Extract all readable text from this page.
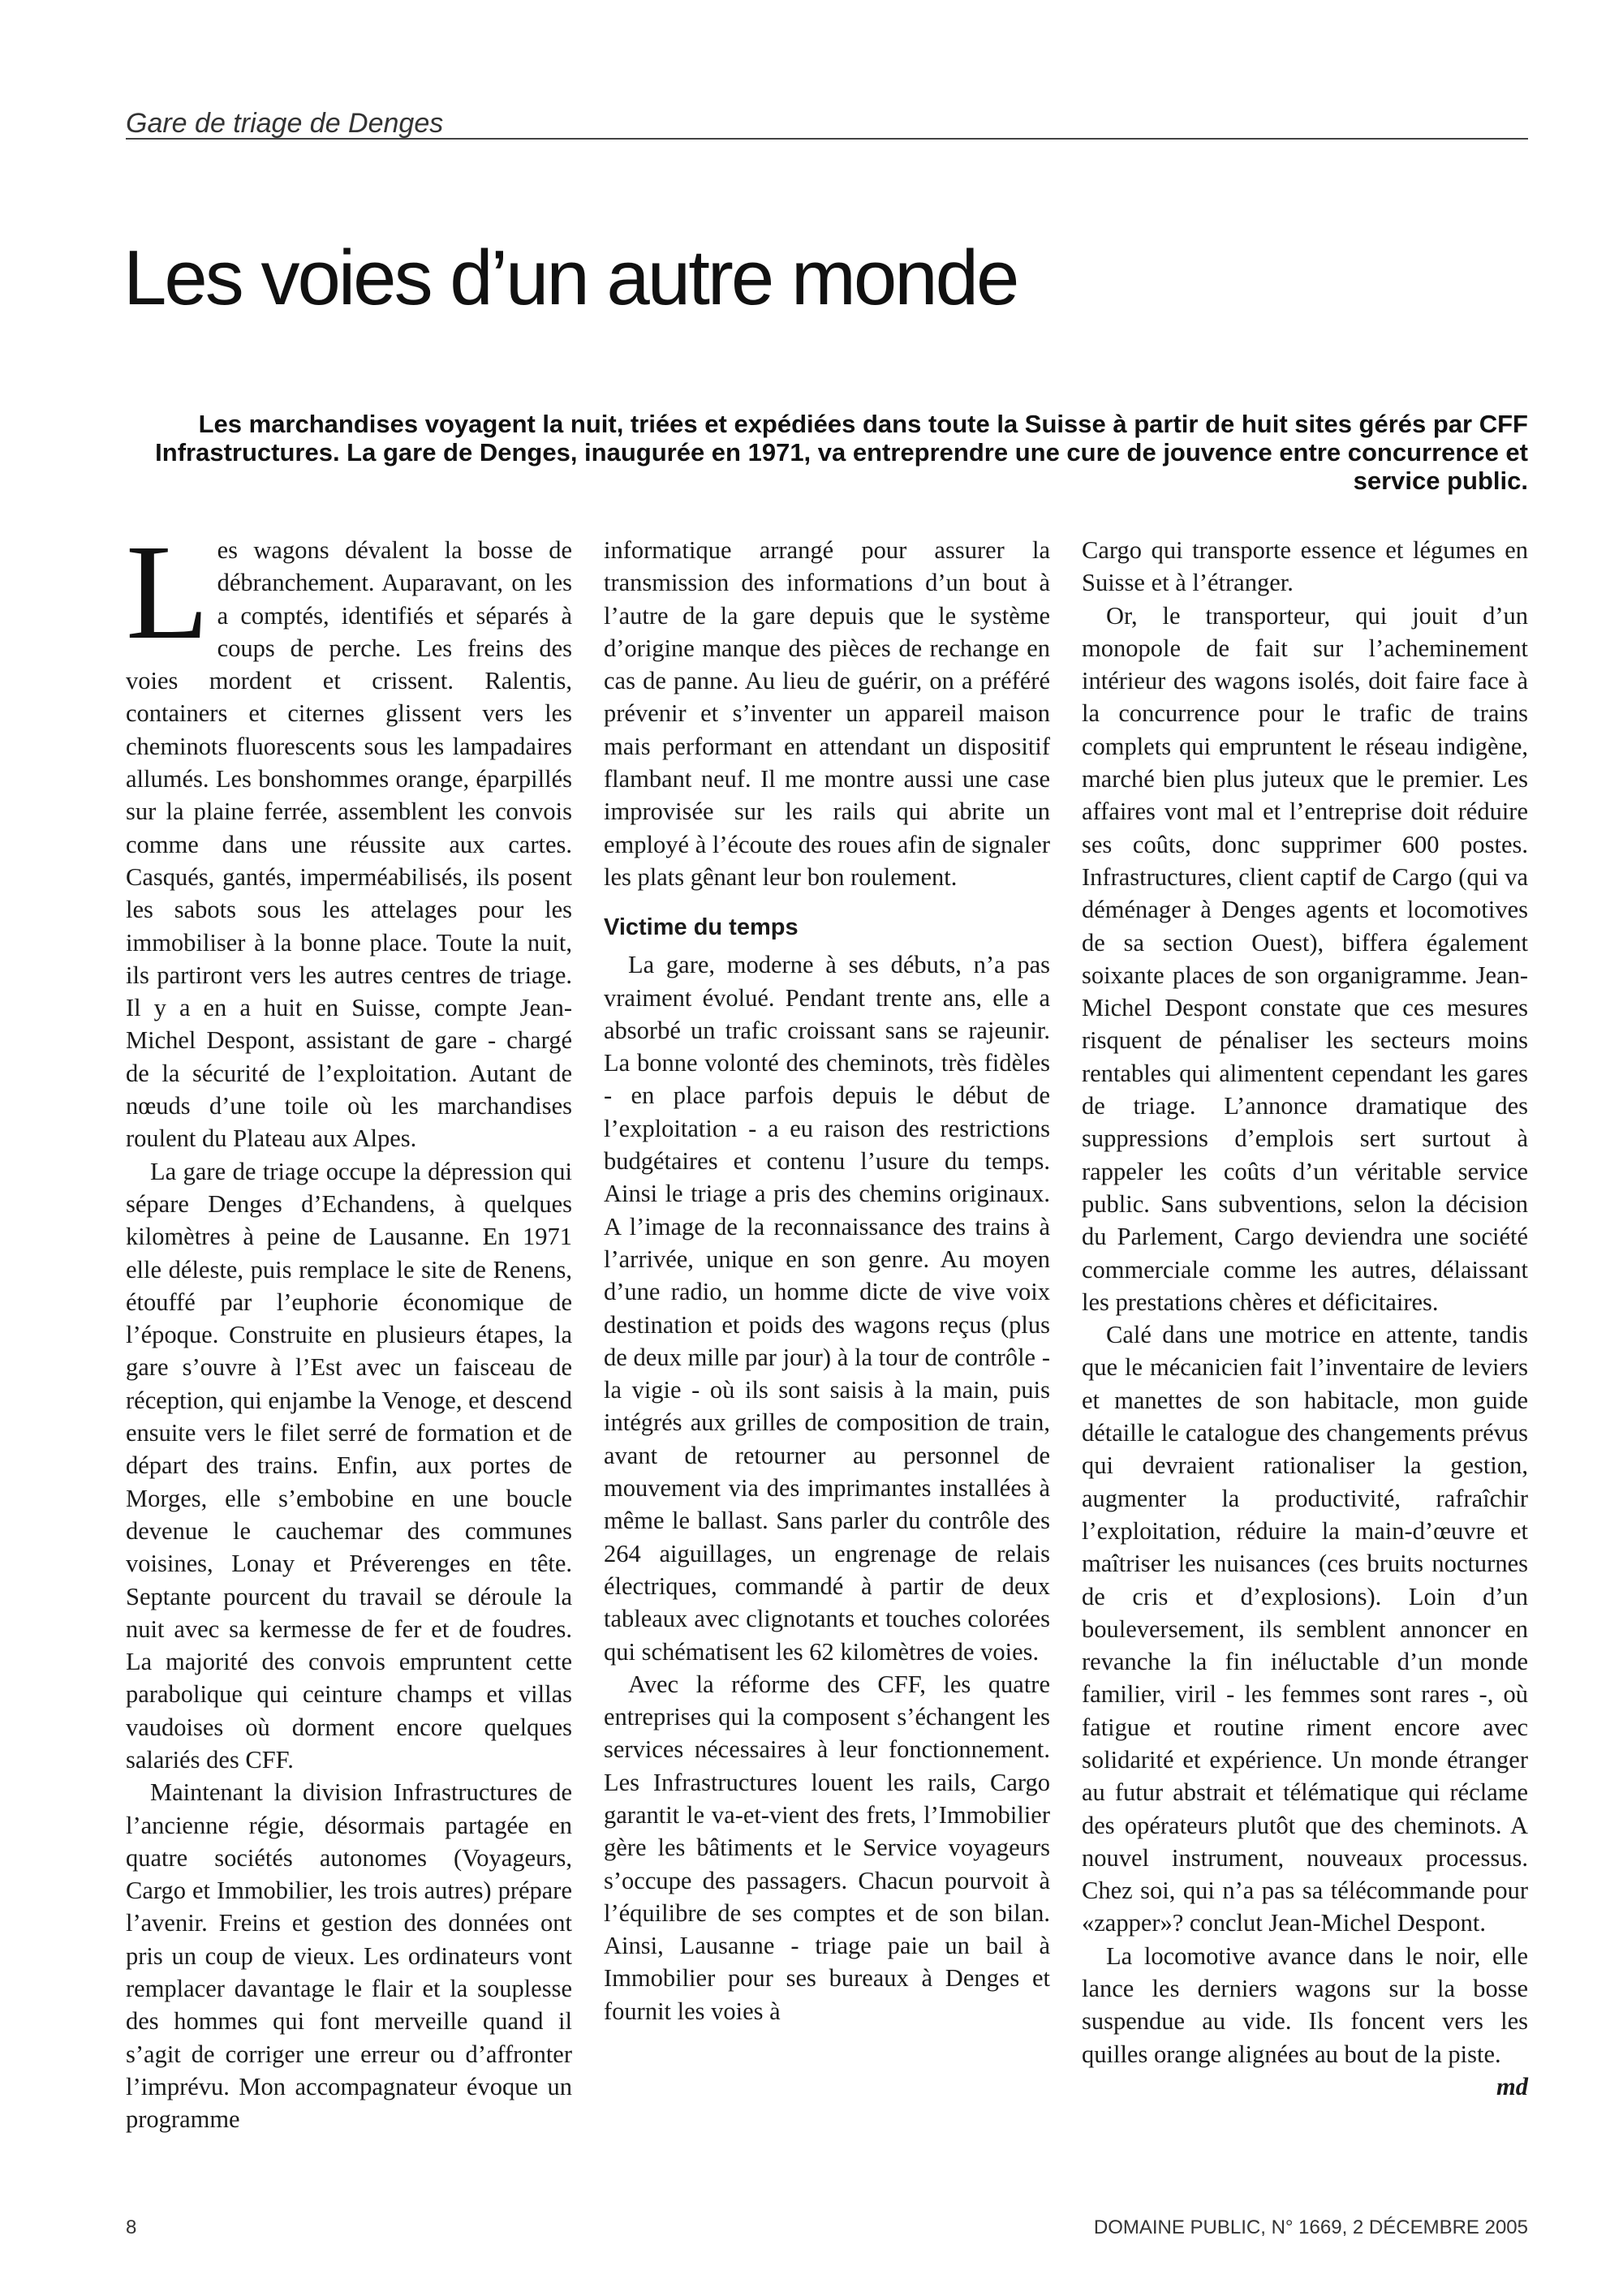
Gare de triage de Denges
Les voies d’un autre monde
Les marchandises voyagent la nuit, triées et expédiées dans toute la Suisse à partir de huit sites gérés par CFF Infrastructures. La gare de Denges, inaugurée en 1971, va entreprendre une cure de jouvence entre concurrence et service public.

Les wagons dévalent la bosse de débranchement. Auparavant, on les a comptés, identifiés et séparés à coups de perche. Les freins des voies mordent et crissent. Ralentis, containers et citernes glissent vers les cheminots fluorescents sous les lampadaires allumés. Les bonshommes orange, éparpillés sur la plaine ferrée, assemblent les convois comme dans une réussite aux cartes. Casqués, gantés, imperméabilisés, ils posent les sabots sous les attelages pour les immobiliser à la bonne place. Toute la nuit, ils partiront vers les autres centres de triage. Il y a en a huit en Suisse, compte Jean-Michel Despont, assistant de gare - chargé de la sécurité de l’exploitation. Autant de nœuds d’une toile où les marchandises roulent du Plateau aux Alpes.

La gare de triage occupe la dépression qui sépare Denges d’Echandens, à quelques kilomètres à peine de Lausanne. En 1971 elle déleste, puis remplace le site de Renens, étouffé par l’euphorie économique de l’époque. Construite en plusieurs étapes, la gare s’ouvre à l’Est avec un faisceau de réception, qui enjambe la Venoge, et descend ensuite vers le filet serré de formation et de départ des trains. Enfin, aux portes de Morges, elle s’embobine en une boucle devenue le cauchemar des communes voisines, Lonay et Préverenges en tête. Septante pourcent du travail se déroule la nuit avec sa kermesse de fer et de foudres. La majorité des convois empruntent cette parabolique qui ceinture champs et villas vaudoises où dorment encore quelques salariés des CFF.

Maintenant la division Infrastructures de l’ancienne régie, désormais partagée en quatre sociétés autonomes (Voyageurs, Cargo et Immobilier, les trois autres) prépare l’avenir. Freins et gestion des données ont pris un coup de vieux. Les ordinateurs vont remplacer davantage le flair et la souplesse des hommes qui font merveille quand il s’agit de corriger une erreur ou d’affronter l’imprévu. Mon accompagnateur évoque un programme

informatique arrangé pour assurer la transmission des informations d’un bout à l’autre de la gare depuis que le système d’origine manque des pièces de rechange en cas de panne. Au lieu de guérir, on a préféré prévenir et s’inventer un appareil maison mais performant en attendant un dispositif flambant neuf. Il me montre aussi une case improvisée sur les rails qui abrite un employé à l’écoute des roues afin de signaler les plats gênant leur bon roulement.

Victime du temps

La gare, moderne à ses débuts, n’a pas vraiment évolué. Pendant trente ans, elle a absorbé un trafic croissant sans se rajeunir. La bonne volonté des cheminots, très fidèles - en place parfois depuis le début de l’exploitation - a eu raison des restrictions budgétaires et contenu l’usure du temps. Ainsi le triage a pris des chemins originaux. A l’image de la reconnaissance des trains à l’arrivée, unique en son genre. Au moyen d’une radio, un homme dicte de vive voix destination et poids des wagons reçus (plus de deux mille par jour) à la tour de contrôle - la vigie - où ils sont saisis à la main, puis intégrés aux grilles de composition de train, avant de retourner au personnel de mouvement via des imprimantes installées à même le ballast. Sans parler du contrôle des 264 aiguillages, un engrenage de relais électriques, commandé à partir de deux tableaux avec clignotants et touches colorées qui schématisent les 62 kilomètres de voies.

Avec la réforme des CFF, les quatre entreprises qui la composent s’échangent les services nécessaires à leur fonctionnement. Les Infrastructures louent les rails, Cargo garantit le va-et-vient des frets, l’Immobilier gère les bâtiments et le Service voyageurs s’occupe des passagers. Chacun pourvoit à l’équilibre de ses comptes et de son bilan. Ainsi, Lausanne - triage paie un bail à Immobilier pour ses bureaux à Denges et fournit les voies à

Cargo qui transporte essence et légumes en Suisse et à l’étranger.

Or, le transporteur, qui jouit d’un monopole de fait sur l’acheminement intérieur des wagons isolés, doit faire face à la concurrence pour le trafic de trains complets qui empruntent le réseau indigène, marché bien plus juteux que le premier. Les affaires vont mal et l’entreprise doit réduire ses coûts, donc supprimer 600 postes. Infrastructures, client captif de Cargo (qui va déménager à Denges agents et locomotives de sa section Ouest), biffera également soixante places de son organigramme. Jean-Michel Despont constate que ces mesures risquent de pénaliser les secteurs moins rentables qui alimentent cependant les gares de triage. L’annonce dramatique des suppressions d’emplois sert surtout à rappeler les coûts d’un véritable service public. Sans subventions, selon la décision du Parlement, Cargo deviendra une société commerciale comme les autres, délaissant les prestations chères et déficitaires.

Calé dans une motrice en attente, tandis que le mécanicien fait l’inventaire de leviers et manettes de son habitacle, mon guide détaille le catalogue des changements prévus qui devraient rationaliser la gestion, augmenter la productivité, rafraîchir l’exploitation, réduire la main-d’œuvre et maîtriser les nuisances (ces bruits nocturnes de cris et d’explosions). Loin d’un bouleversement, ils semblent annoncer en revanche la fin inéluctable d’un monde familier, viril - les femmes sont rares -, où fatigue et routine riment encore avec solidarité et expérience. Un monde étranger au futur abstrait et télématique qui réclame des opérateurs plutôt que des cheminots. A nouvel instrument, nouveaux processus. Chez soi, qui n’a pas sa télécommande pour «zapper»? conclut Jean-Michel Despont.

La locomotive avance dans le noir, elle lance les derniers wagons sur la bosse suspendue au vide. Ils foncent vers les quilles orange alignées au bout de la piste.
md

8	DOMAINE PUBLIC, N° 1669, 2 DÉCEMBRE 2005
